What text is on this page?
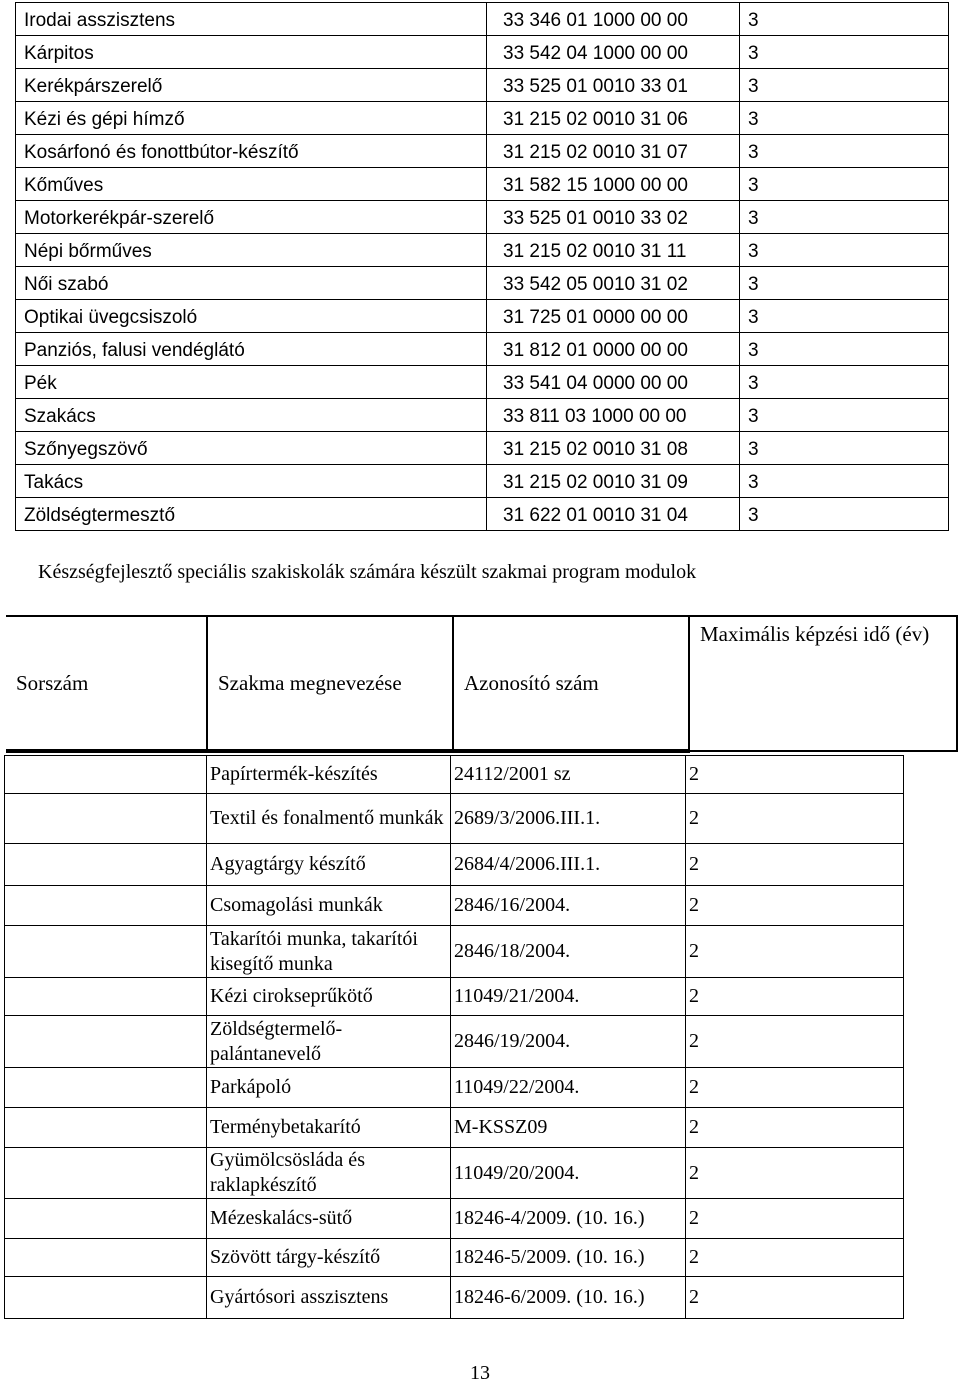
Irodai asszisztens	33 346 01 1000 00 00	3
Kárpitos	33 542 04 1000 00 00	3
Kerékpárszerelő	33 525 01 0010 33 01	3
Kézi és gépi hímző	31 215 02 0010 31 06	3
Kosárfonó és fonottbútor-készítő	31 215 02 0010 31 07	3
Kőműves	31 582 15 1000 00 00	3
Motorkerékpár-szerelő	33 525 01 0010 33 02	3
Népi bőrműves	31 215 02 0010 31 11	3
Női szabó	33 542 05 0010 31 02	3
Optikai üvegcsiszoló	31 725 01 0000 00 00	3
Panziós, falusi vendéglátó	31 812 01 0000 00 00	3
Pék	33 541 04 0000 00 00	3
Szakács	33 811 03 1000 00 00	3
Szőnyegszövő	31 215 02 0010 31 08	3
Takács	31 215 02 0010 31 09	3
Zöldségtermesztő	31 622 01 0010 31 04	3
Készségfejlesztő speciális szakiskolák számára készült szakmai program modulok
Sorszám	Szakma megnevezése	Azonosító szám	Maximális képzési idő (év)
	Papírtermék-készítés	24112/2001 sz	2
	Textil és fonalmentő munkák	2689/3/2006.III.1.	2
	Agyagtárgy készítő	2684/4/2006.III.1.	2
	Csomagolási munkák	2846/16/2004.	2
	Takarítói munka, takarítói kisegítő munka	2846/18/2004.	2
	Kézi cirokseprűkötő	11049/21/2004.	2
	Zöldségtermelő-palántanevelő	2846/19/2004.	2
	Parkápoló	11049/22/2004.	2
	Terménybetakarító	M-KSSZ09	2
	Gyümölcsösláda és raklapkészítő	11049/20/2004.	2
	Mézeskalács-sütő	18246-4/2009. (10. 16.)	2
	Szövött tárgy-készítő	18246-5/2009. (10. 16.)	2
	Gyártósori asszisztens	18246-6/2009. (10. 16.)	2
13
